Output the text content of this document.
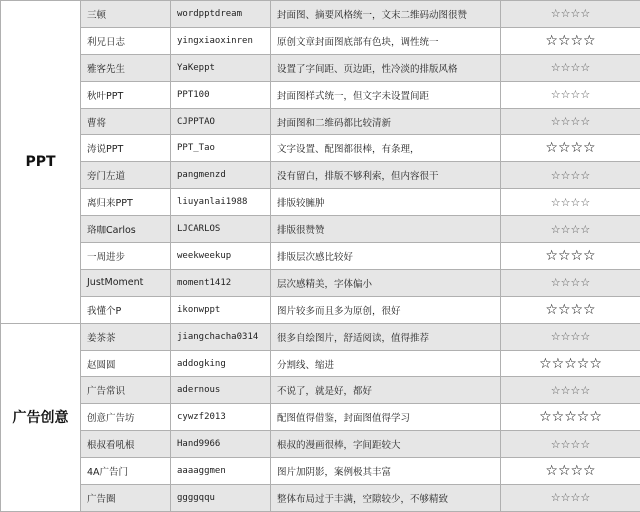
PPT	三顿	wordpptdream	封面图、摘要风格统一，文末二维码动图很赞	☆☆☆☆
	利兄日志	yingxiaoxinren	原创文章封面图底部有色块，调性统一	☆☆☆☆
	雅客先生	YaKeppt	设置了字间距、页边距，性冷淡的排版风格	☆☆☆☆
	秋叶PPT	PPT100	封面图样式统一，但文字未设置间距	☆☆☆☆
	曹将	CJPPTAO	封面图和二维码都比较清新	☆☆☆☆
	涛说PPT	PPT_Tao	文字设置、配图都很棒，有条理，	☆☆☆☆
	旁门左道	pangmenzd	没有留白，排版不够利索，但内容很干	☆☆☆☆
	离归来PPT	liuyanlai1988	排版较臃肿	☆☆☆☆
	珞咖Carlos	LJCARLOS	排版很赞赞	☆☆☆☆
	一周进步	weekweekup	排版层次感比较好	☆☆☆☆
	JustMoment	moment1412	层次感精美，字体偏小	☆☆☆☆
	我懂个P	ikonwppt	图片较多而且多为原创，很好	☆☆☆☆
广告创意	姜茶茶	jiangchacha0314	很多自绘图片，舒适阅读，值得推荐	☆☆☆☆
	赵圆圆	addogking	分割线、缩进	☆☆☆☆☆
	广告常识	adernous	不说了，就是好，都好	☆☆☆☆
	创意广告坊	cywzf2013	配图值得借鉴，封面图值得学习	☆☆☆☆☆
	根叔看吼根	Hand9966	根叔的漫画很棒，字间距较大	☆☆☆☆
	4A广告门	aaaaggmen	图片加阴影，案例极其丰富	☆☆☆☆
	广告圈	ggggqqu	整体布局过于丰满，空隙较少，不够精致	☆☆☆☆
